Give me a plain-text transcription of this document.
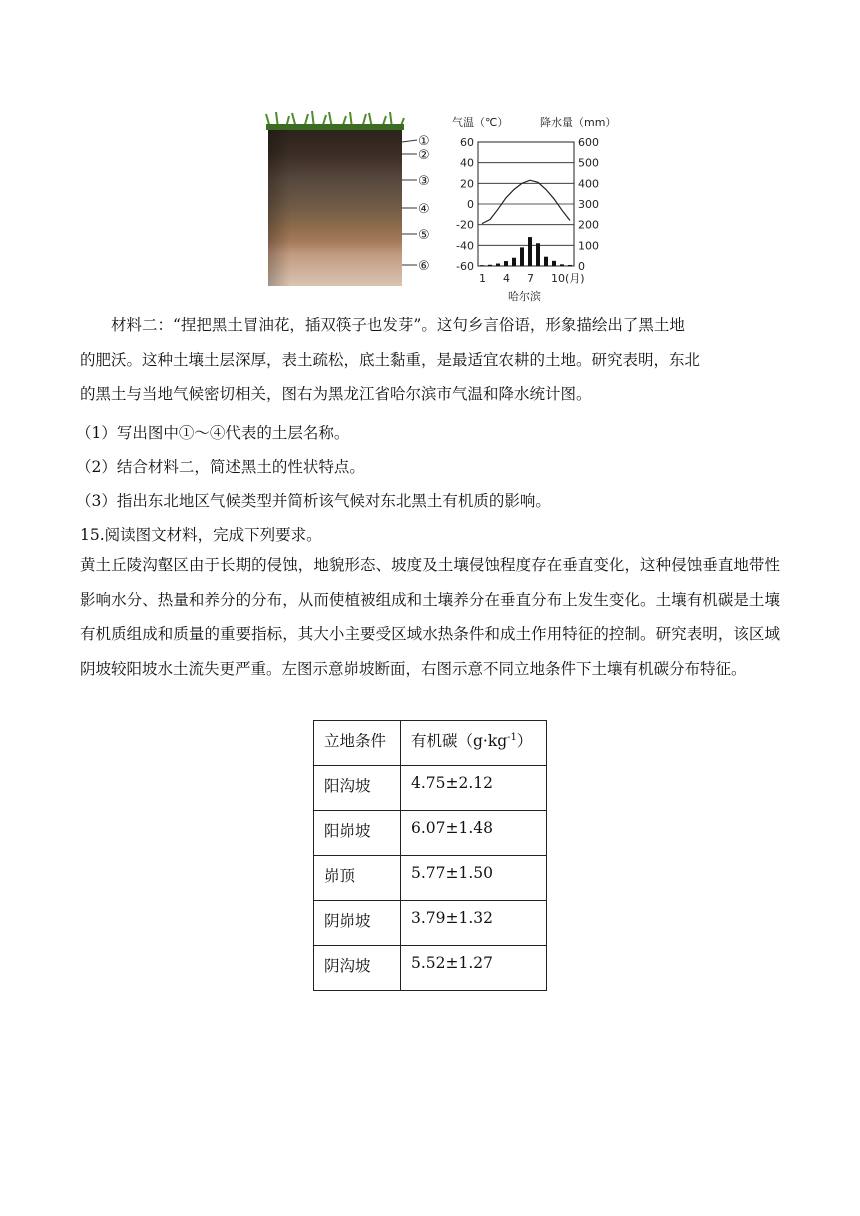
①
②
③
④
⑤
⑥
气温（℃）	降水量（mm）
60
40
20
0
-20
-40
-60
600
500
400
300
200
100
0
1 4 7 10(月)
哈尔滨

材料二：“捏把黑土冒油花，插双筷子也发芽”。这句乡言俗语，形象描绘出了黑土地

的肥沃。这种土壤土层深厚，表土疏松，底土黏重，是最适宜农耕的土地。研究表明，东北

的黑土与当地气候密切相关，图右为黑龙江省哈尔滨市气温和降水统计图。

（1）写出图中①～④代表的土层名称。
（2）结合材料二，简述黑土的性状特点。
（3）指出东北地区气候类型并简析该气候对东北黑土有机质的影响。
15.阅读图文材料，完成下列要求。

黄土丘陵沟壑区由于长期的侵蚀，地貌形态、坡度及土壤侵蚀程度存在垂直变化，这种侵蚀垂直地带性影响水分、热量和养分的分布，从而使植被组成和土壤养分在垂直分布上发生变化。土壤有机碳是土壤有机质组成和质量的重要指标，其大小主要受区域水热条件和成土作用特征的控制。研究表明，该区域阴坡较阳坡水土流失更严重。左图示意峁坡断面，右图示意不同立地条件下土壤有机碳分布特征。

立地条件	有机碳$(g\cdot kg^{-1})$
阳沟坡	4.75±2.12
阳峁坡	6.07±1.48
峁顶	5.77±1.50
阴峁坡	3.79±1.32
阴沟坡	5.52±1.27
